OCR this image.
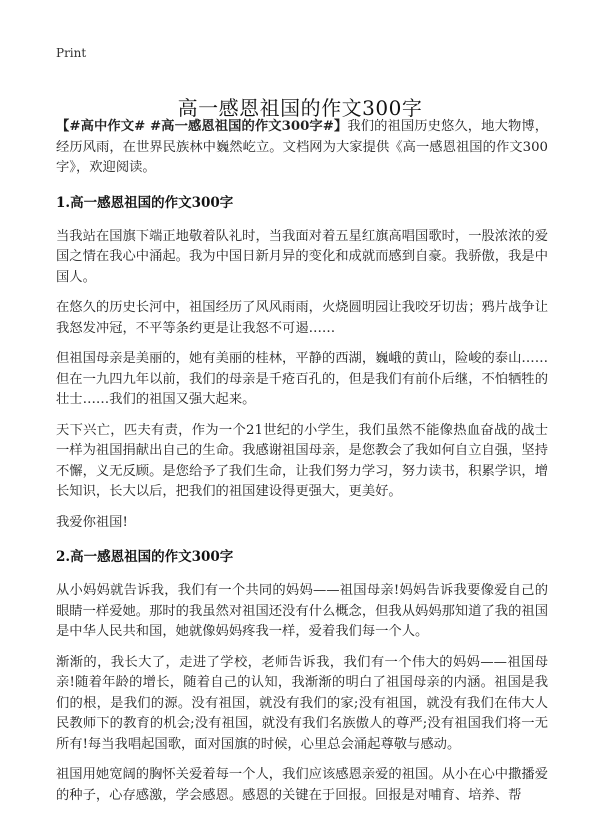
Print
高一感恩祖国的作文300字

【#高中作文# #高一感恩祖国的作文300字#】我们的祖国历史悠久，地大物博，经历风雨，在世界民族林中巍然屹立。文档网为大家提供《高一感恩祖国的作文300字》，欢迎阅读。

1.高一感恩祖国的作文300字

当我站在国旗下端正地敬着队礼时，当我面对着五星红旗高唱国歌时，一股浓浓的爱国之情在我心中涌起。我为中国日新月异的变化和成就而感到自豪。我骄傲，我是中国人。

在悠久的历史长河中，祖国经历了风风雨雨，火烧圆明园让我咬牙切齿；鸦片战争让我怒发冲冠，不平等条约更是让我怒不可遏……

但祖国母亲是美丽的，她有美丽的桂林，平静的西湖，巍峨的黄山，险峻的泰山……但在一九四九年以前，我们的母亲是千疮百孔的，但是我们有前仆后继，不怕牺牲的壮士……我们的祖国又强大起来。

天下兴亡，匹夫有责，作为一个21世纪的小学生，我们虽然不能像热血奋战的战士一样为祖国捐献出自己的生命。我感谢祖国母亲，是您教会了我如何自立自强，坚持不懈，义无反顾。是您给予了我们生命，让我们努力学习，努力读书，积累学识，增长知识，长大以后，把我们的祖国建设得更强大，更美好。

我爱你祖国!

2.高一感恩祖国的作文300字

从小妈妈就告诉我，我们有一个共同的妈妈——祖国母亲!妈妈告诉我要像爱自己的眼睛一样爱她。那时的我虽然对祖国还没有什么概念，但我从妈妈那知道了我的祖国是中华人民共和国，她就像妈妈疼我一样，爱着我们每一个人。

渐渐的，我长大了，走进了学校，老师告诉我，我们有一个伟大的妈妈——祖国母亲!随着年龄的增长，随着自己的认知，我渐渐的明白了祖国母亲的内涵。祖国是我们的根，是我们的源。没有祖国，就没有我们的家;没有祖国，就没有我们在伟大人民教师下的教育的机会;没有祖国，就没有我们名族傲人的尊严;没有祖国我们将一无所有!每当我唱起国歌，面对国旗的时候，心里总会涌起尊敬与感动。

祖国用她宽阔的胸怀关爱着每一个人，我们应该感恩亲爱的祖国。从小在心中撒播爱的种子，心存感激，学会感恩。感恩的关键在于回报。回报是对哺育、培养、帮
